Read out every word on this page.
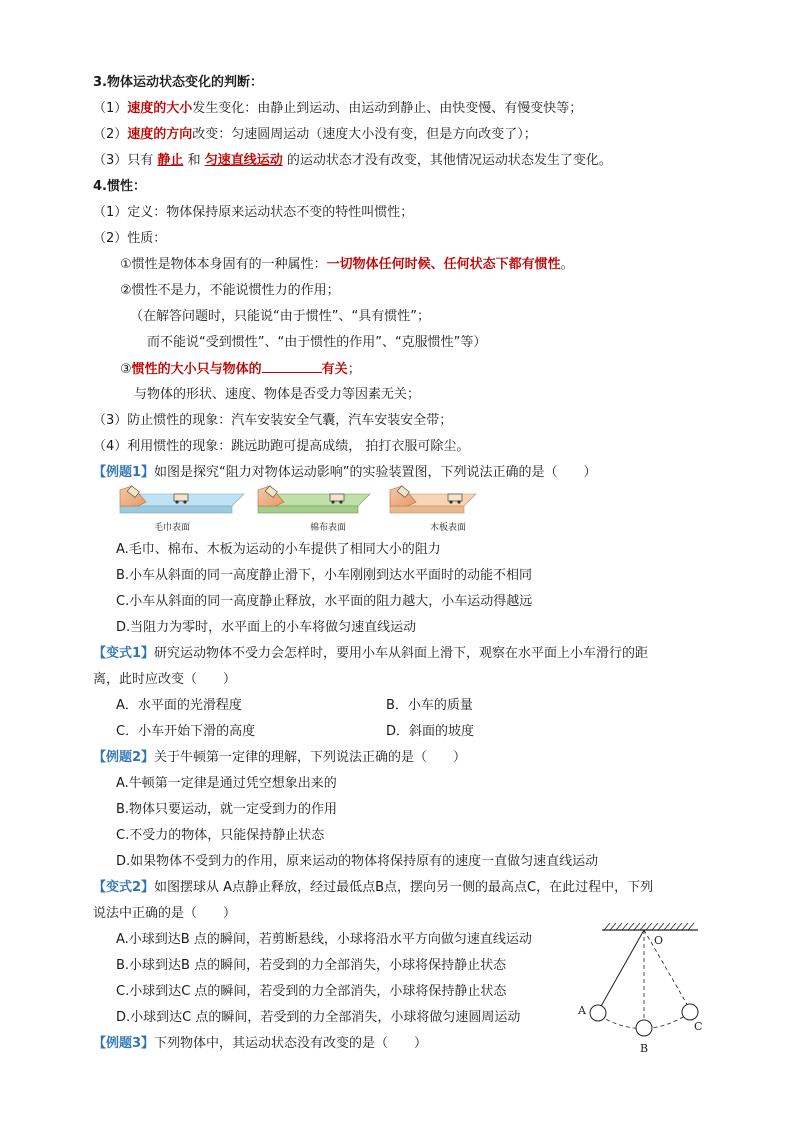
3.物体运动状态变化的判断：
（1）速度的大小发生变化：由静止到运动、由运动到静止、由快变慢、有慢变快等；
（2）速度的方向改变：匀速圆周运动（速度大小没有变，但是方向改变了）；
（3）只有 静止 和 匀速直线运动 的运动状态才没有改变，其他情况运动状态发生了变化。
4.惯性：
（1）定义：物体保持原来运动状态不变的特性叫惯性；
（2）性质：
①惯性是物体本身固有的一种属性：一切物体任何时候、任何状态下都有惯性。
②惯性不是力，不能说惯性力的作用；
（在解答问题时，只能说“由于惯性”、“具有惯性”；
而不能说“受到惯性”、“由于惯性的作用”、“克服惯性”等）
③惯性的大小只与物体的	有关；
与物体的形状、速度、物体是否受力等因素无关；
（3）防止惯性的现象：汽车安装安全气囊，汽车安装安全带；
（4）利用惯性的现象：跳远助跑可提高成绩， 拍打衣服可除尘。
【例题1】如图是探究“阻力对物体运动影响”的实验装置图，下列说法正确的是（　　）
毛巾表面	棉布表面	木板表面
A.毛巾、棉布、木板为运动的小车提供了相同大小的阻力
B.小车从斜面的同一高度静止滑下，小车刚刚到达水平面时的动能不相同
C.小车从斜面的同一高度静止释放，水平面的阻力越大，小车运动得越远
D.当阻力为零时，水平面上的小车将做匀速直线运动
【变式1】研究运动物体不受力会怎样时，要用小车从斜面上滑下，观察在水平面上小车滑行的距
离，此时应改变（　　）
A．水平面的光滑程度	B．小车的质量
C．小车开始下滑的高度	D．斜面的坡度
【例题2】关于牛顿第一定律的理解，下列说法正确的是（　　）
A.牛顿第一定律是通过凭空想象出来的
B.物体只要运动，就一定受到力的作用
C.不受力的物体，只能保持静止状态
D.如果物体不受到力的作用，原来运动的物体将保持原有的速度一直做匀速直线运动
【变式2】如图摆球从 A点静止释放，经过最低点B点，摆向另一侧的最高点C，在此过程中，下列
说法中正确的是（　　）
A.小球到达B 点的瞬间，若剪断悬线，小球将沿水平方向做匀速直线运动
B.小球到达B 点的瞬间，若受到的力全部消失，小球将保持静止状态
C.小球到达C 点的瞬间，若受到的力全部消失，小球将保持静止状态
D.小球到达C 点的瞬间，若受到的力全部消失，小球将做匀速圆周运动
O
A
B
C
【例题3】下列物体中，其运动状态没有改变的是（　　）
